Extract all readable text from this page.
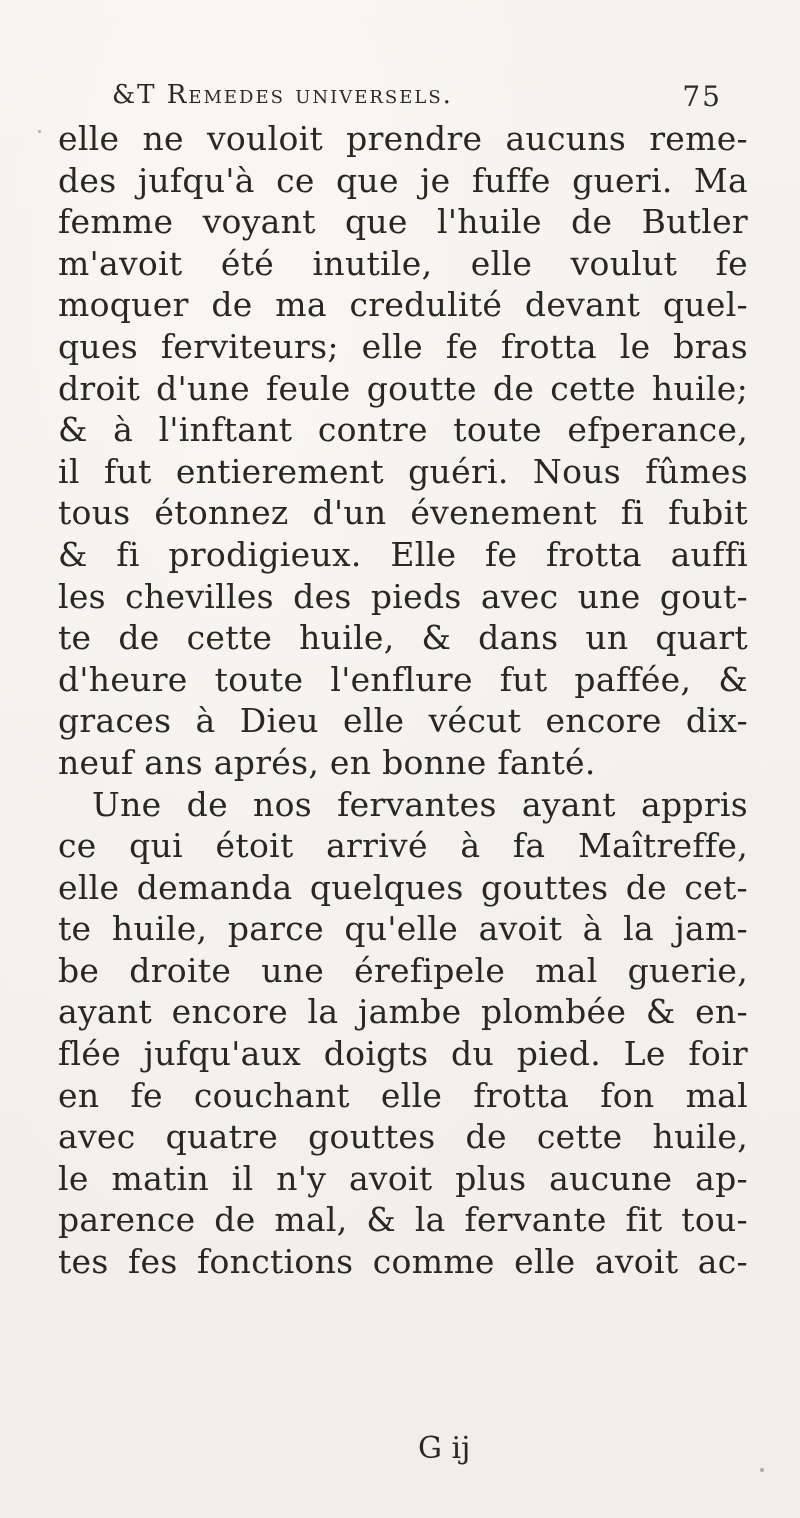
&T Remedes universels.	75
elle ne vouloit prendre aucuns reme-
des jufqu'à ce que je fuffe gueri. Ma
femme voyant que l'huile de Butler
m'avoit été inutile, elle voulut fe
moquer de ma credulité devant quel-
ques ferviteurs; elle fe frotta le bras
droit d'une feule goutte de cette huile;
& à l'inftant contre toute efperance,
il fut entierement guéri. Nous fûmes
tous étonnez d'un évenement fi fubit
& fi prodigieux. Elle fe frotta auffi
les chevilles des pieds avec une gout-
te de cette huile, & dans un quart
d'heure toute l'enflure fut paffée, &
graces à Dieu elle vécut encore dix-
neuf ans aprés, en bonne fanté.
Une de nos fervantes ayant appris
ce qui étoit arrivé à fa Maîtreffe,
elle demanda quelques gouttes de cet-
te huile, parce qu'elle avoit à la jam-
be droite une érefipele mal guerie,
ayant encore la jambe plombée & en-
flée jufqu'aux doigts du pied. Le foir
en fe couchant elle frotta fon mal
avec quatre gouttes de cette huile,
le matin il n'y avoit plus aucune ap-
parence de mal, & la fervante fit tou-
tes fes fonctions comme elle avoit ac-
G ij
